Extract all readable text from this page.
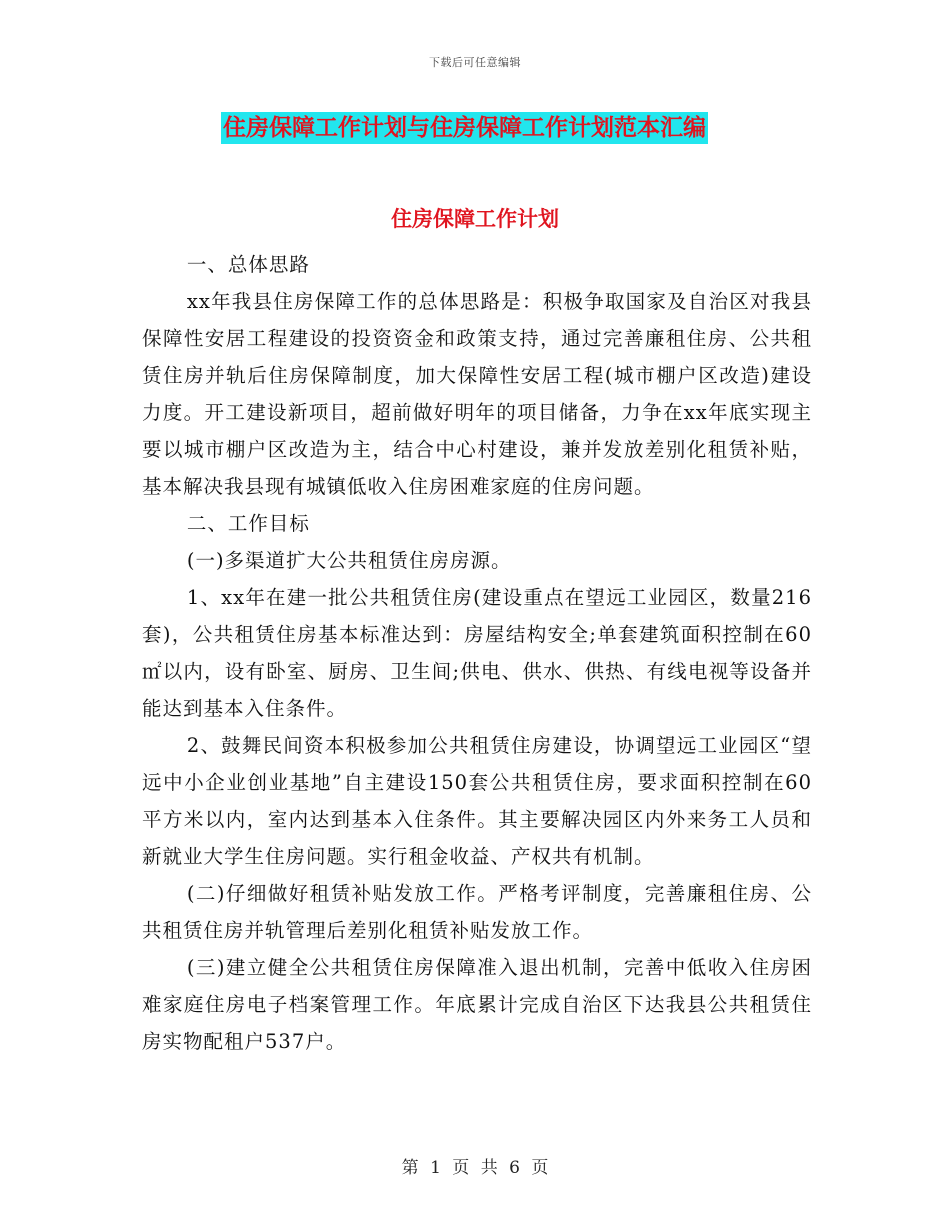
下载后可任意编辑
住房保障工作计划与住房保障工作计划范本汇编
住房保障工作计划

一、总体思路

xx年我县住房保障工作的总体思路是：积极争取国家及自治区对我县保障性安居工程建设的投资资金和政策支持，通过完善廉租住房、公共租赁住房并轨后住房保障制度，加大保障性安居工程(城市棚户区改造)建设力度。开工建设新项目，超前做好明年的项目储备，力争在xx年底实现主要以城市棚户区改造为主，结合中心村建设，兼并发放差别化租赁补贴，基本解决我县现有城镇低收入住房困难家庭的住房问题。

二、工作目标

(一)多渠道扩大公共租赁住房房源。

1、xx年在建一批公共租赁住房(建设重点在望远工业园区，数量216套)，公共租赁住房基本标准达到：房屋结构安全;单套建筑面积控制在60㎡以内，设有卧室、厨房、卫生间;供电、供水、供热、有线电视等设备并能达到基本入住条件。

2、鼓舞民间资本积极参加公共租赁住房建设，协调望远工业园区“望远中小企业创业基地”自主建设150套公共租赁住房，要求面积控制在60平方米以内，室内达到基本入住条件。其主要解决园区内外来务工人员和新就业大学生住房问题。实行租金收益、产权共有机制。

(二)仔细做好租赁补贴发放工作。严格考评制度，完善廉租住房、公共租赁住房并轨管理后差别化租赁补贴发放工作。

(三)建立健全公共租赁住房保障准入退出机制，完善中低收入住房困难家庭住房电子档案管理工作。年底累计完成自治区下达我县公共租赁住房实物配租户537户。

第 1 页 共 6 页
